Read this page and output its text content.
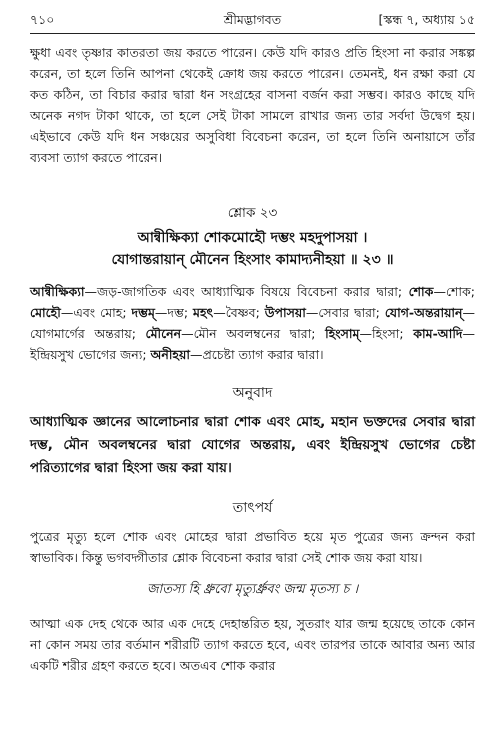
৭১০	শ্রীমদ্ভাগবত	[স্কন্ধ ৭, অধ্যায় ১৫

ক্ষুধা এবং তৃষ্ণার কাতরতা জয় করতে পারেন। কেউ যদি কারও প্রতি হিংসা না করার সঙ্কল্প করেন, তা হলে তিনি আপনা থেকেই ক্রোধ জয় করতে পারেন। তেমনই, ধন রক্ষা করা যে কত কঠিন, তা বিচার করার দ্বারা ধন সংগ্রহের বাসনা বর্জন করা সম্ভব। কারও কাছে যদি অনেক নগদ টাকা থাকে, তা হলে সেই টাকা সামলে রাখার জন্য তার সর্বদা উদ্বেগ হয়। এইভাবে কেউ যদি ধন সঞ্চয়ের অসুবিধা বিবেচনা করেন, তা হলে তিনি অনায়াসে তাঁর ব্যবসা ত্যাগ করতে পারেন।

শ্লোক ২৩
আন্বীক্ষিক্যা শোকমোহৌ দম্ভং মহদুপাসয়া ।
যোগান্তরায়ান্ মৌনেন হিংসাং কামাদ্যনীহয়া ॥ ২৩ ॥

আন্বীক্ষিক্যা—জড়-জাগতিক এবং আধ্যাত্মিক বিষয়ে বিবেচনা করার দ্বারা; শোক—শোক; মোহৌ—এবং মোহ; দম্ভম্—দম্ভ; মহৎ—বৈষ্ণব; উপাসয়া—সেবার দ্বারা; যোগ-অন্তরায়ান্—যোগমার্গের অন্তরায়; মৌনেন—মৌন অবলম্বনের দ্বারা; হিংসাম্—হিংসা; কাম-আদি—ইন্দ্রিয়সুখ ভোগের জন্য; অনীহয়া—প্রচেষ্টা ত্যাগ করার দ্বারা।

অনুবাদ
আধ্যাত্মিক জ্ঞানের আলোচনার দ্বারা শোক এবং মোহ, মহান ভক্তদের সেবার দ্বারা দম্ভ, মৌন অবলম্বনের দ্বারা যোগের অন্তরায়, এবং ইন্দ্রিয়সুখ ভোগের চেষ্টা পরিত্যাগের দ্বারা হিংসা জয় করা যায়।
তাৎপর্য

পুত্রের মৃত্যু হলে শোক এবং মোহের দ্বারা প্রভাবিত হয়ে মৃত পুত্রের জন্য ক্রন্দন করা স্বাভাবিক। কিন্তু ভগবদ্গীতার শ্লোক বিবেচনা করার দ্বারা সেই শোক জয় করা যায়।

জাতস্য হি ধ্রুবো মৃত্যুর্ধ্রুবং জন্ম মৃতস্য চ ।

আত্মা এক দেহ থেকে আর এক দেহে দেহান্তরিত হয়, সুতরাং যার জন্ম হয়েছে তাকে কোন না কোন সময় তার বর্তমান শরীরটি ত্যাগ করতে হবে, এবং তারপর তাকে আবার অন্য আর একটি শরীর গ্রহণ করতে হবে। অতএব শোক করার
